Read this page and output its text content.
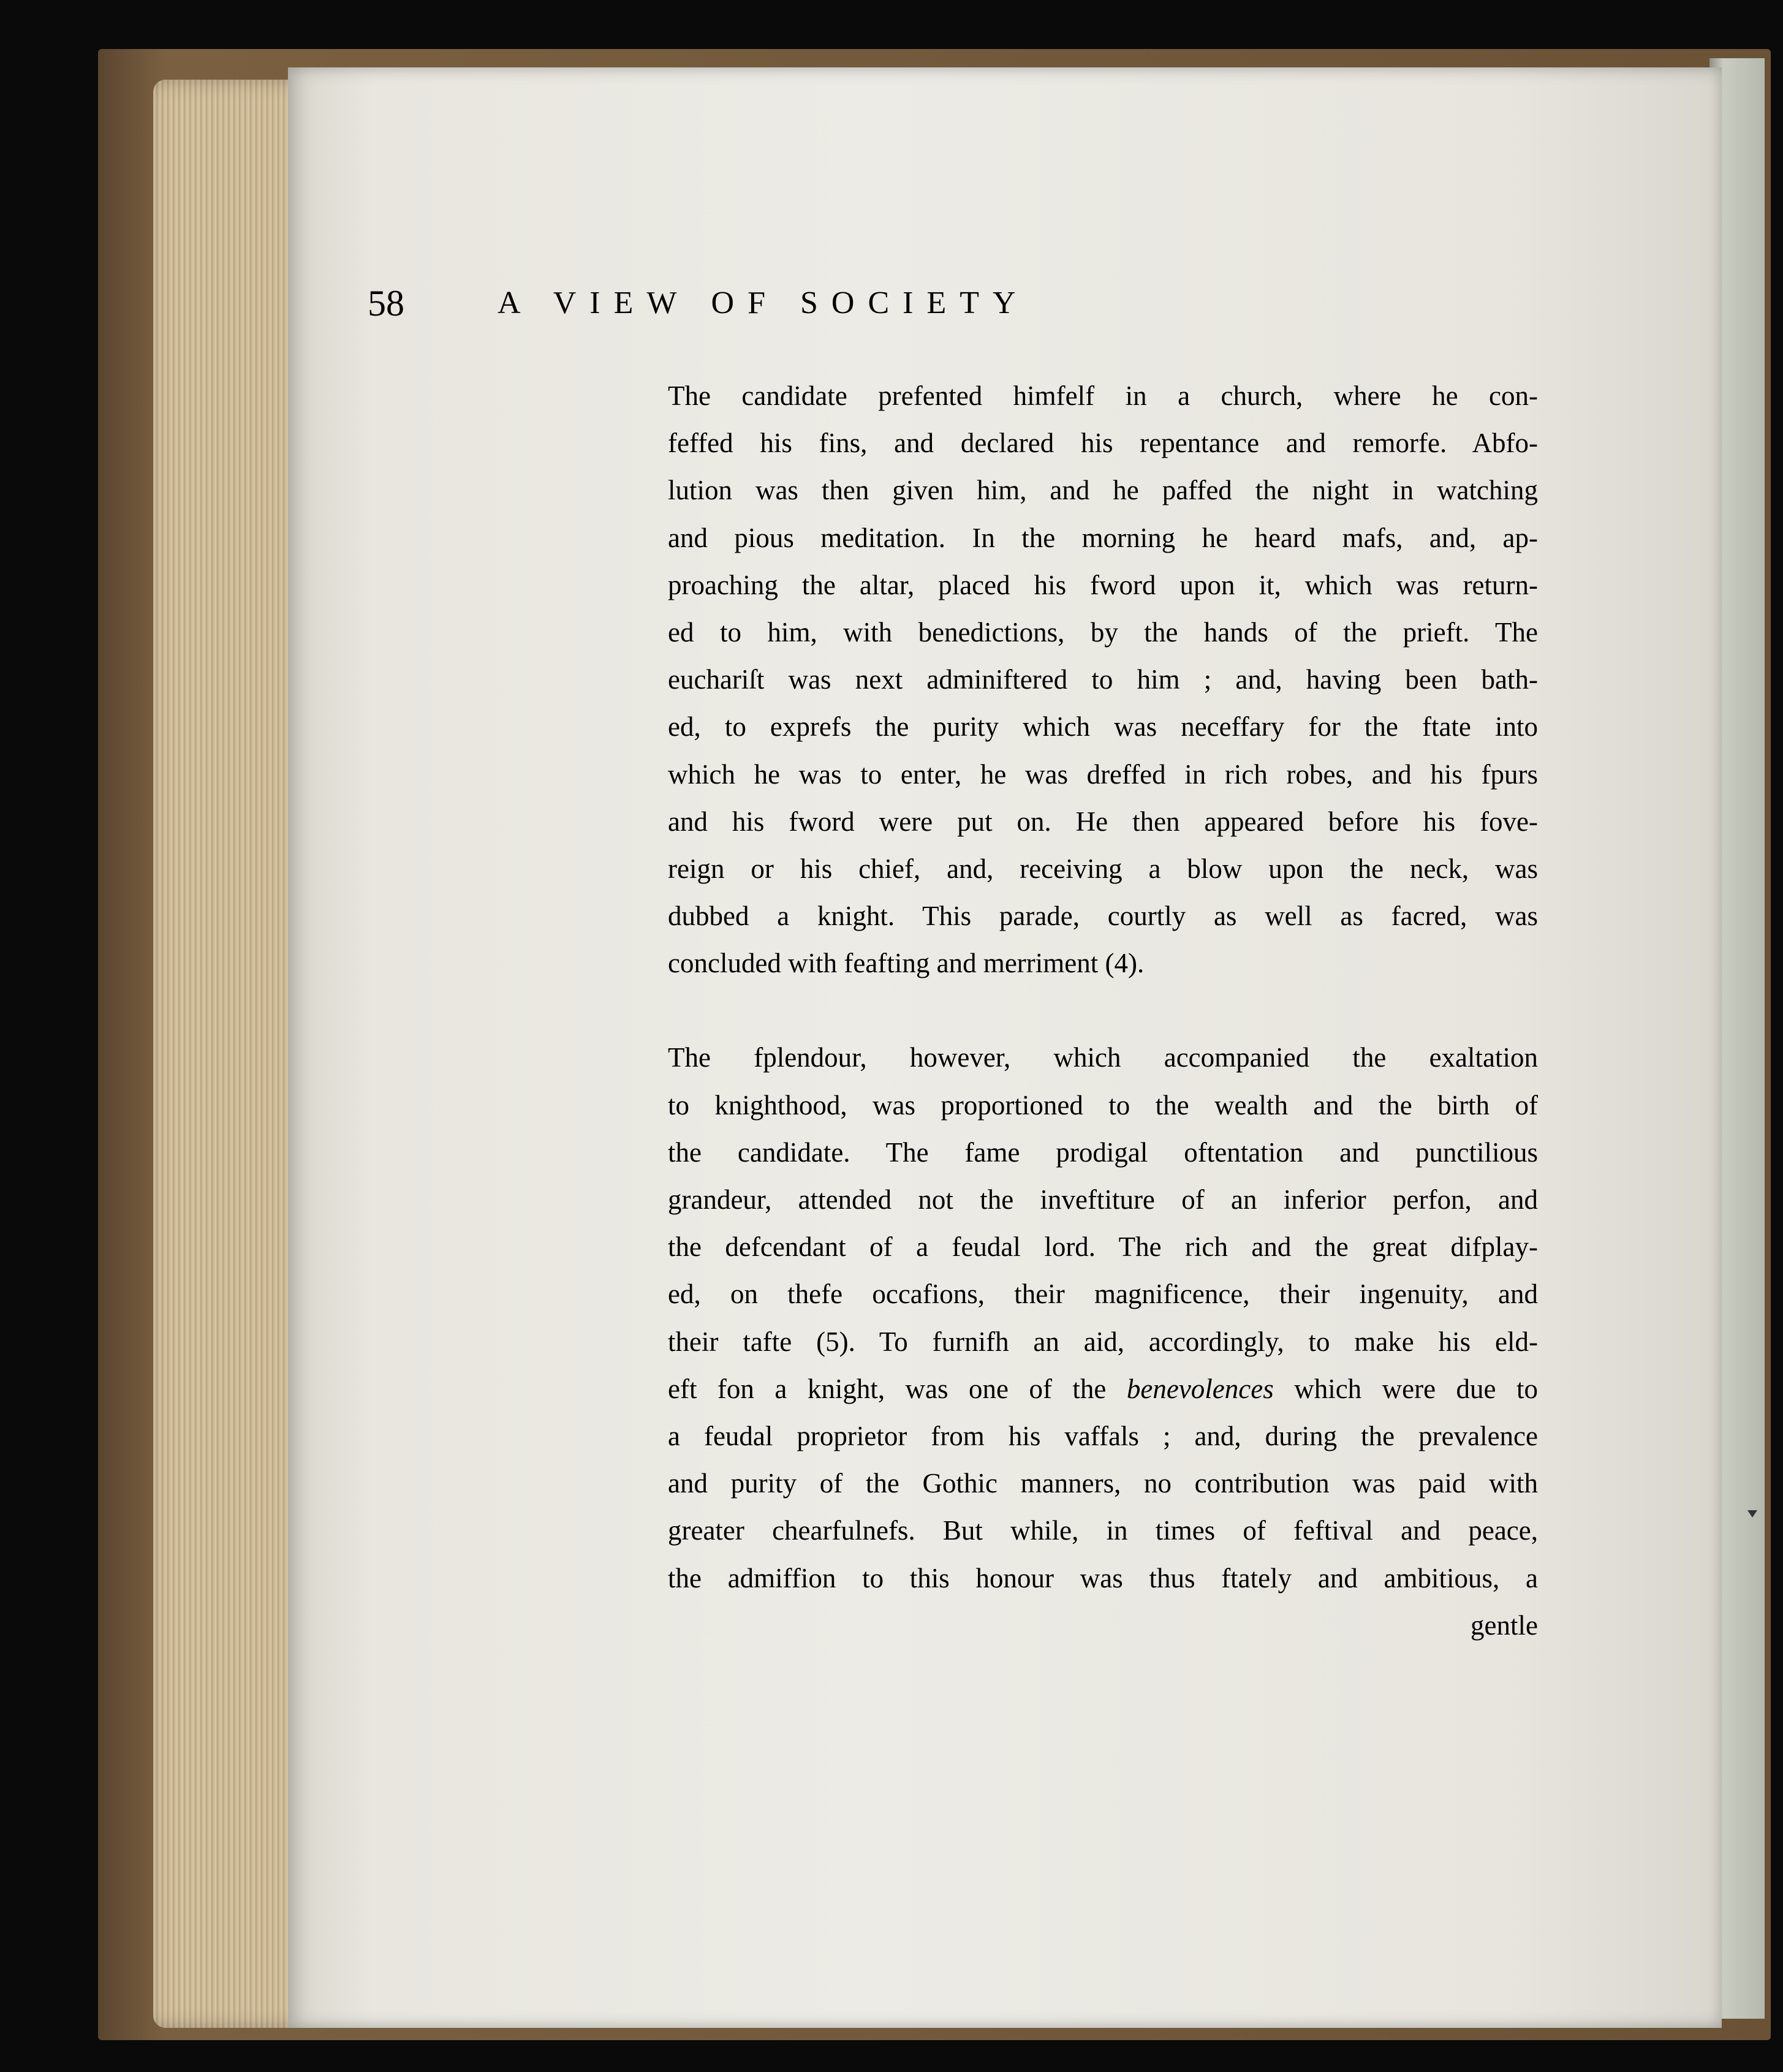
58	A VIEW OF SOCIETY
The candidate prefented himfelf in a church, where he con-
feffed his fins, and declared his repentance and remorfe. Abfo-
lution was then given him, and he paffed the night in watching
and pious meditation. In the morning he heard mafs, and, ap-
proaching the altar, placed his fword upon it, which was return-
ed to him, with benedictions, by the hands of the prieft. The
euchariſt was next adminiftered to him ; and, having been bath-
ed, to exprefs the purity which was neceffary for the ftate into
which he was to enter, he was dreffed in rich robes, and his fpurs
and his fword were put on. He then appeared before his fove-
reign or his chief, and, receiving a blow upon the neck, was
dubbed a knight. This parade, courtly as well as facred, was
concluded with feafting and merriment (4).
The fplendour, however, which accompanied the exaltation
to knighthood, was proportioned to the wealth and the birth of
the candidate. The fame prodigal oftentation and punctilious
grandeur, attended not the inveftiture of an inferior perfon, and
the defcendant of a feudal lord. The rich and the great difplay-
ed, on thefe occafions, their magnificence, their ingenuity, and
their tafte (5). To furnifh an aid, accordingly, to make his eld-
eft fon a knight, was one of the benevolences which were due to
a feudal proprietor from his vaffals ; and, during the prevalence
and purity of the Gothic manners, no contribution was paid with
greater chearfulnefs. But while, in times of feftival and peace,
the admiffion to this honour was thus ftately and ambitious, a
gentle
